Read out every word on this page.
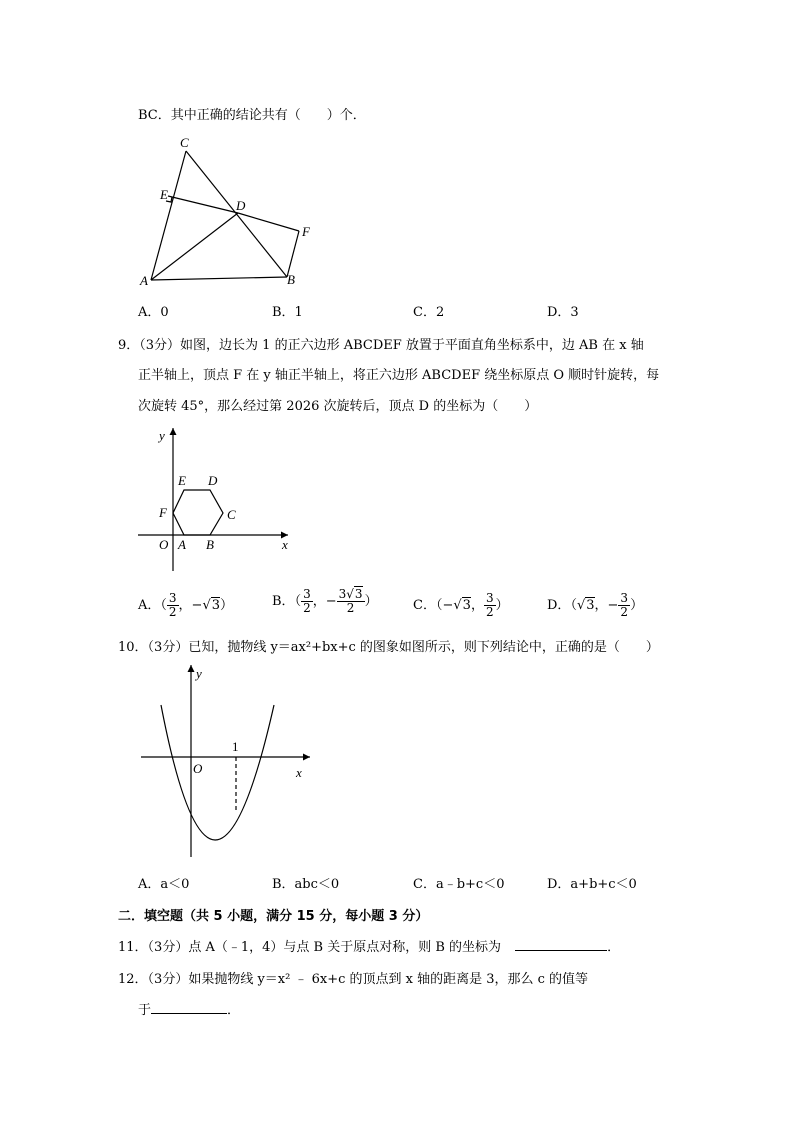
BC．其中正确的结论共有（　　）个．
C
E
D
F
A	B
A．0	B．1	C．2	D．3
9．（3分）如图，边长为 1 的正六边形 ABCDEF 放置于平面直角坐标系中，边 AB 在 x 轴
正半轴上，顶点 F 在 y 轴正半轴上，将正六边形 ABCDEF 绕坐标原点 O 顺时针旋转，每
次旋转 45°，那么经过第 2026 次旋转后，顶点 D 的坐标为（　　）
y
x
O A B
C
D
E
F
A．（ $\frac{3}{2}$ ，−√3）	B．（ $\frac{3}{2}$ ，− $\frac{3√3}{2}$ ）	C．（−√3， $\frac{3}{2}$ ）	D．（√3，− $\frac{3}{2}$ ）
10．（3分）已知，抛物线 y＝ax²+bx+c 的图象如图所示，则下列结论中，正确的是（　　）
y
x
O
1
A．a＜0	B．abc＜0	C．a﹣b+c＜0	D．a+b+c＜0
二．填空题（共 5 小题，满分 15 分，每小题 3 分）
11．（3分）点 A（﹣1，4）与点 B 关于原点对称，则 B 的坐标为	．
12．（3分）如果抛物线 y＝x² ﹣ 6x+c 的顶点到 x 轴的距离是 3，那么 c 的值等
于	．
